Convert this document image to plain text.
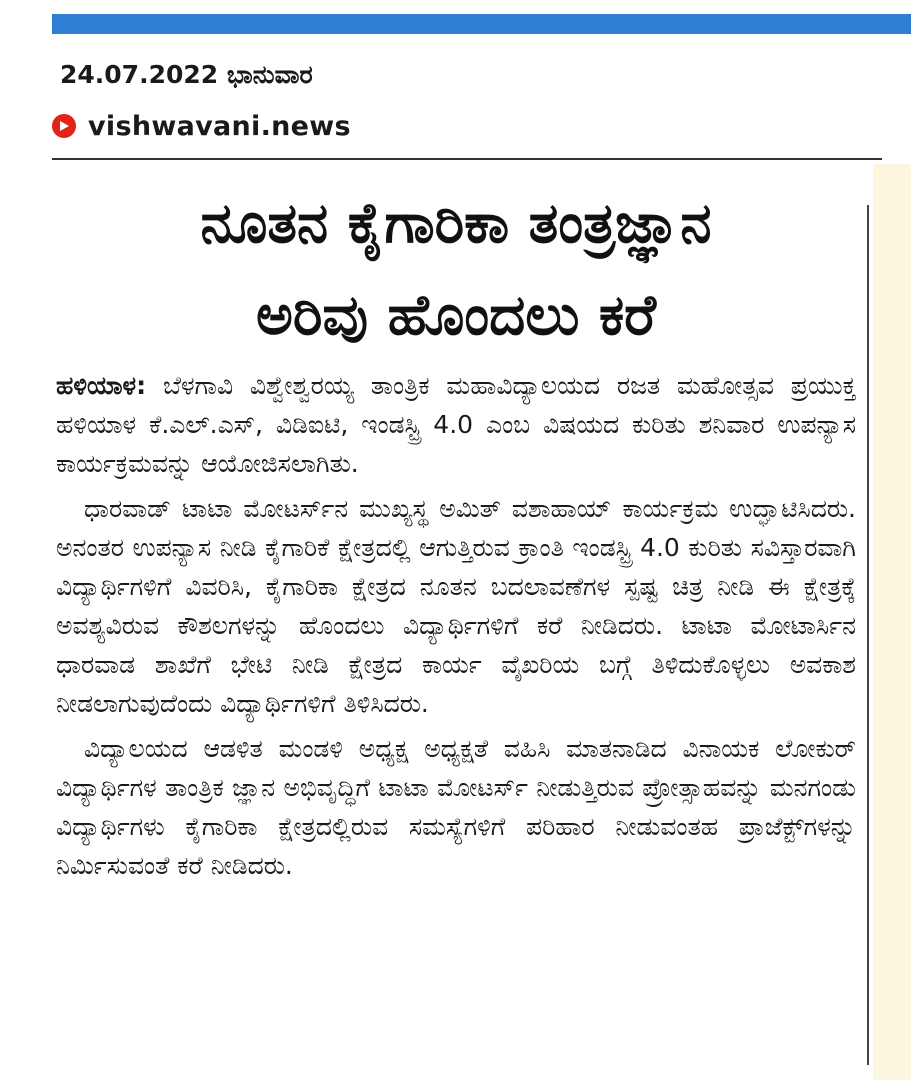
24.07.2022 ಭಾನುವಾರ
vishwavani.news
ನೂತನ ಕೈಗಾರಿಕಾ ತಂತ್ರಜ್ಞಾನ
ಅರಿವು ಹೊಂದಲು ಕರೆ

ಹಳಿಯಾಳ: ಬೆಳಗಾವಿ ವಿಶ್ವೇಶ್ವರಯ್ಯ ತಾಂತ್ರಿಕ ಮಹಾವಿದ್ಯಾಲಯದ ರಜತ ಮಹೋತ್ಸವ ಪ್ರಯುಕ್ತ ಹಳಿಯಾಳ ಕೆ.ಎಲ್.ಎಸ್, ವಿಡಿಐಟಿ, ಇಂಡಸ್ಟ್ರಿ 4.0 ಎಂಬ ವಿಷಯದ ಕುರಿತು ಶನಿವಾರ ಉಪನ್ಯಾಸ ಕಾರ್ಯಕ್ರಮವನ್ನು ಆಯೋಜಿಸಲಾಗಿತು.

ಧಾರವಾಡ್ ಟಾಟಾ ಮೋಟರ್ಸ್‌ನ ಮುಖ್ಯಸ್ಥ ಅಮಿತ್ ವಶಾಹಾಯ್ ಕಾರ್ಯಕ್ರಮ ಉದ್ಘಾಟಿಸಿದರು. ಅನಂತರ ಉಪನ್ಯಾಸ ನೀಡಿ ಕೈಗಾರಿಕೆ ಕ್ಷೇತ್ರದಲ್ಲಿ ಆಗುತ್ತಿರುವ ಕ್ರಾಂತಿ ಇಂಡಸ್ಟ್ರಿ 4.0 ಕುರಿತು ಸವಿಸ್ತಾರವಾಗಿ ವಿದ್ಯಾರ್ಥಿಗಳಿಗೆ ವಿವರಿಸಿ, ಕೈಗಾರಿಕಾ ಕ್ಷೇತ್ರದ ನೂತನ ಬದಲಾವಣೆಗಳ ಸ್ಪಷ್ಟ ಚಿತ್ರ ನೀಡಿ ಈ ಕ್ಷೇತ್ರಕ್ಕೆ ಅವಶ್ಯವಿರುವ ಕೌಶಲಗಳನ್ನು ಹೊಂದಲು ವಿದ್ಯಾರ್ಥಿಗಳಿಗೆ ಕರೆ ನೀಡಿದರು. ಟಾಟಾ ಮೋಟಾರ್ಸಿನ ಧಾರವಾಡ ಶಾಖೆಗೆ ಭೇಟಿ ನೀಡಿ ಕ್ಷೇತ್ರದ ಕಾರ್ಯ ವೈಖರಿಯ ಬಗ್ಗೆ ತಿಳಿದುಕೊಳ್ಳಲು ಅವಕಾಶ ನೀಡಲಾಗುವುದೆಂದು ವಿದ್ಯಾರ್ಥಿಗಳಿಗೆ ತಿಳಿಸಿದರು.

ವಿದ್ಯಾಲಯದ ಆಡಳಿತ ಮಂಡಳಿ ಅಧ್ಯಕ್ಷ ಅಧ್ಯಕ್ಷತೆ ವಹಿಸಿ ಮಾತನಾಡಿದ ವಿನಾಯಕ ಲೋಕುರ್ ವಿದ್ಯಾರ್ಥಿಗಳ ತಾಂತ್ರಿಕ ಜ್ಞಾನ ಅಭಿವೃದ್ಧಿಗೆ ಟಾಟಾ ಮೋಟರ್ಸ್ ನೀಡುತ್ತಿರುವ ಪ್ರೋತ್ಸಾಹವನ್ನು ಮನಗಂಡು ವಿದ್ಯಾರ್ಥಿಗಳು ಕೈಗಾರಿಕಾ ಕ್ಷೇತ್ರದಲ್ಲಿರುವ ಸಮಸ್ಯೆಗಳಿಗೆ ಪರಿಹಾರ ನೀಡುವಂತಹ ಪ್ರಾಜೆಕ್ಟ್‌ಗಳನ್ನು ನಿರ್ಮಿಸುವಂತೆ ಕರೆ ನೀಡಿದರು.
